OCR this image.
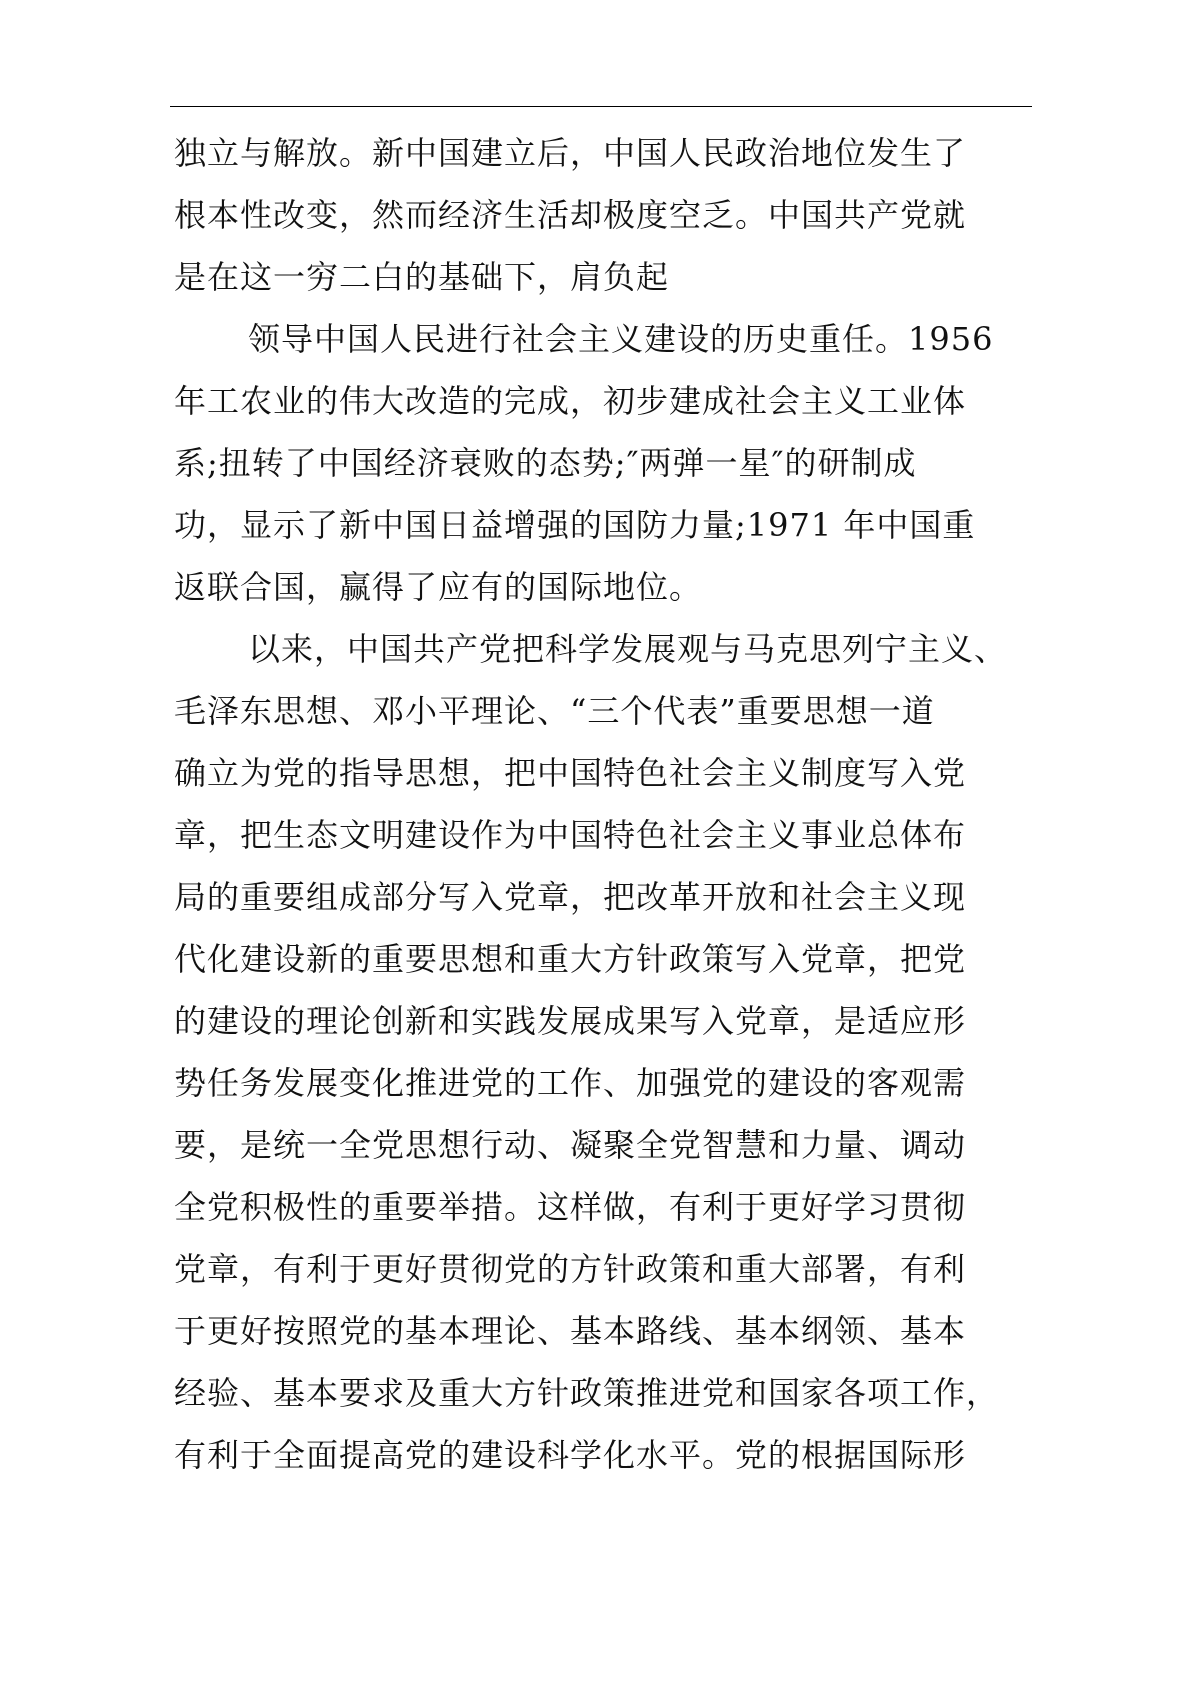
独立与解放。新中国建立后，中国人民政治地位发生了
根本性改变，然而经济生活却极度空乏。中国共产党就
是在这一穷二白的基础下，肩负起

领导中国人民进行社会主义建设的历史重任。1956
年工农业的伟大改造的完成，初步建成社会主义工业体
系;扭转了中国经济衰败的态势;″两弹一星″的研制成
功，显示了新中国日益增强的国防力量;1971 年中国重
返联合国，赢得了应有的国际地位。

以来，中国共产党把科学发展观与马克思列宁主义、
毛泽东思想、邓小平理论、“三个代表”重要思想一道
确立为党的指导思想，把中国特色社会主义制度写入党
章，把生态文明建设作为中国特色社会主义事业总体布
局的重要组成部分写入党章，把改革开放和社会主义现
代化建设新的重要思想和重大方针政策写入党章，把党
的建设的理论创新和实践发展成果写入党章，是适应形
势任务发展变化推进党的工作、加强党的建设的客观需
要，是统一全党思想行动、凝聚全党智慧和力量、调动
全党积极性的重要举措。这样做，有利于更好学习贯彻
党章，有利于更好贯彻党的方针政策和重大部署，有利
于更好按照党的基本理论、基本路线、基本纲领、基本
经验、基本要求及重大方针政策推进党和国家各项工作，
有利于全面提高党的建设科学化水平。党的根据国际形
